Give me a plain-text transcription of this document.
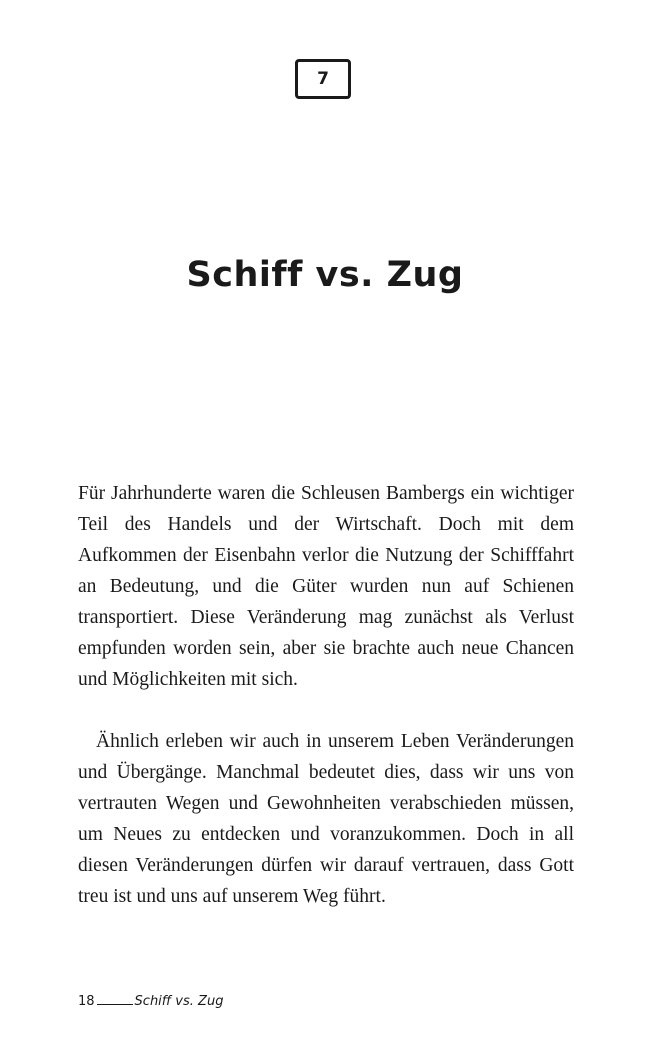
7
Schiff vs. Zug

Für Jahrhunderte waren die Schleusen Bambergs ein wichtiger Teil des Handels und der Wirtschaft. Doch mit dem Aufkommen der Eisenbahn verlor die Nutzung der Schifffahrt an Bedeutung, und die Güter wurden nun auf Schienen transportiert. Diese Veränderung mag zunächst als Verlust empfunden worden sein, aber sie brachte auch neue Chancen und Möglichkeiten mit sich.

Ähnlich erleben wir auch in unserem Leben Veränderungen und Übergänge. Manchmal bedeutet dies, dass wir uns von vertrauten Wegen und Gewohnheiten verabschieden müssen, um Neues zu entdecken und voranzukommen. Doch in all diesen Veränderungen dürfen wir darauf vertrauen, dass Gott treu ist und uns auf unserem Weg führt.

18	Schiff vs. Zug
